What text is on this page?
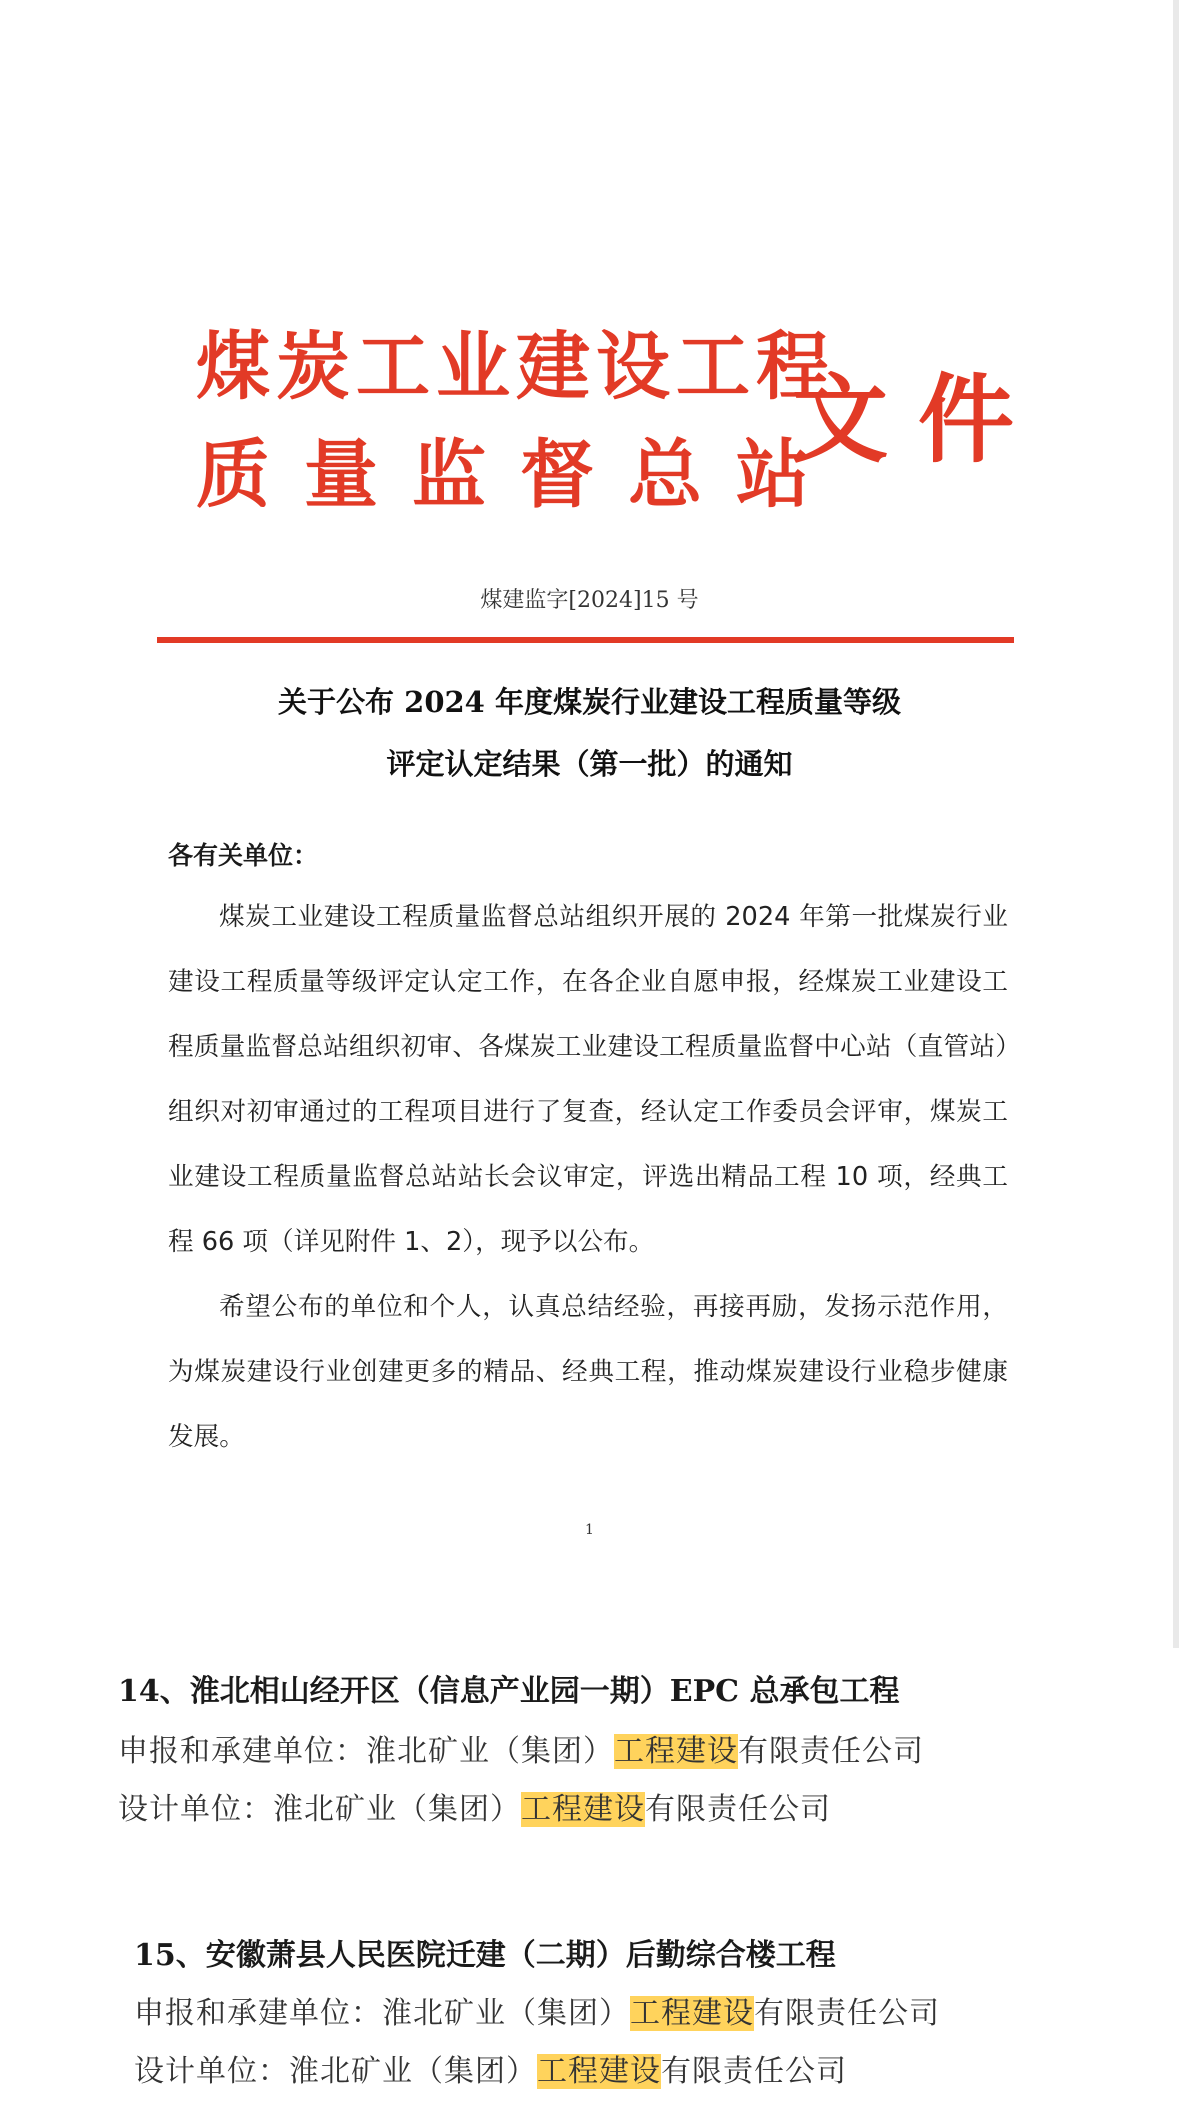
煤炭工业建设工程
质量监督总站
文件
煤建监字[2024]15 号
关于公布 2024 年度煤炭行业建设工程质量等级
评定认定结果（第一批）的通知
各有关单位：

煤炭工业建设工程质量监督总站组织开展的 2024 年第一批煤炭行业建设工程质量等级评定认定工作，在各企业自愿申报，经煤炭工业建设工程质量监督总站组织初审、各煤炭工业建设工程质量监督中心站（直管站）组织对初审通过的工程项目进行了复查，经认定工作委员会评审，煤炭工业建设工程质量监督总站站长会议审定，评选出精品工程 10 项，经典工程 66 项（详见附件 1、2），现予以公布。

希望公布的单位和个人，认真总结经验，再接再励，发扬示范作用，为煤炭建设行业创建更多的精品、经典工程，推动煤炭建设行业稳步健康发展。

1
14、淮北相山经开区（信息产业园一期）EPC 总承包工程
申报和承建单位：淮北矿业（集团）工程建设有限责任公司
设计单位：淮北矿业（集团）工程建设有限责任公司
15、安徽萧县人民医院迁建（二期）后勤综合楼工程
申报和承建单位：淮北矿业（集团）工程建设有限责任公司
设计单位：淮北矿业（集团）工程建设有限责任公司
